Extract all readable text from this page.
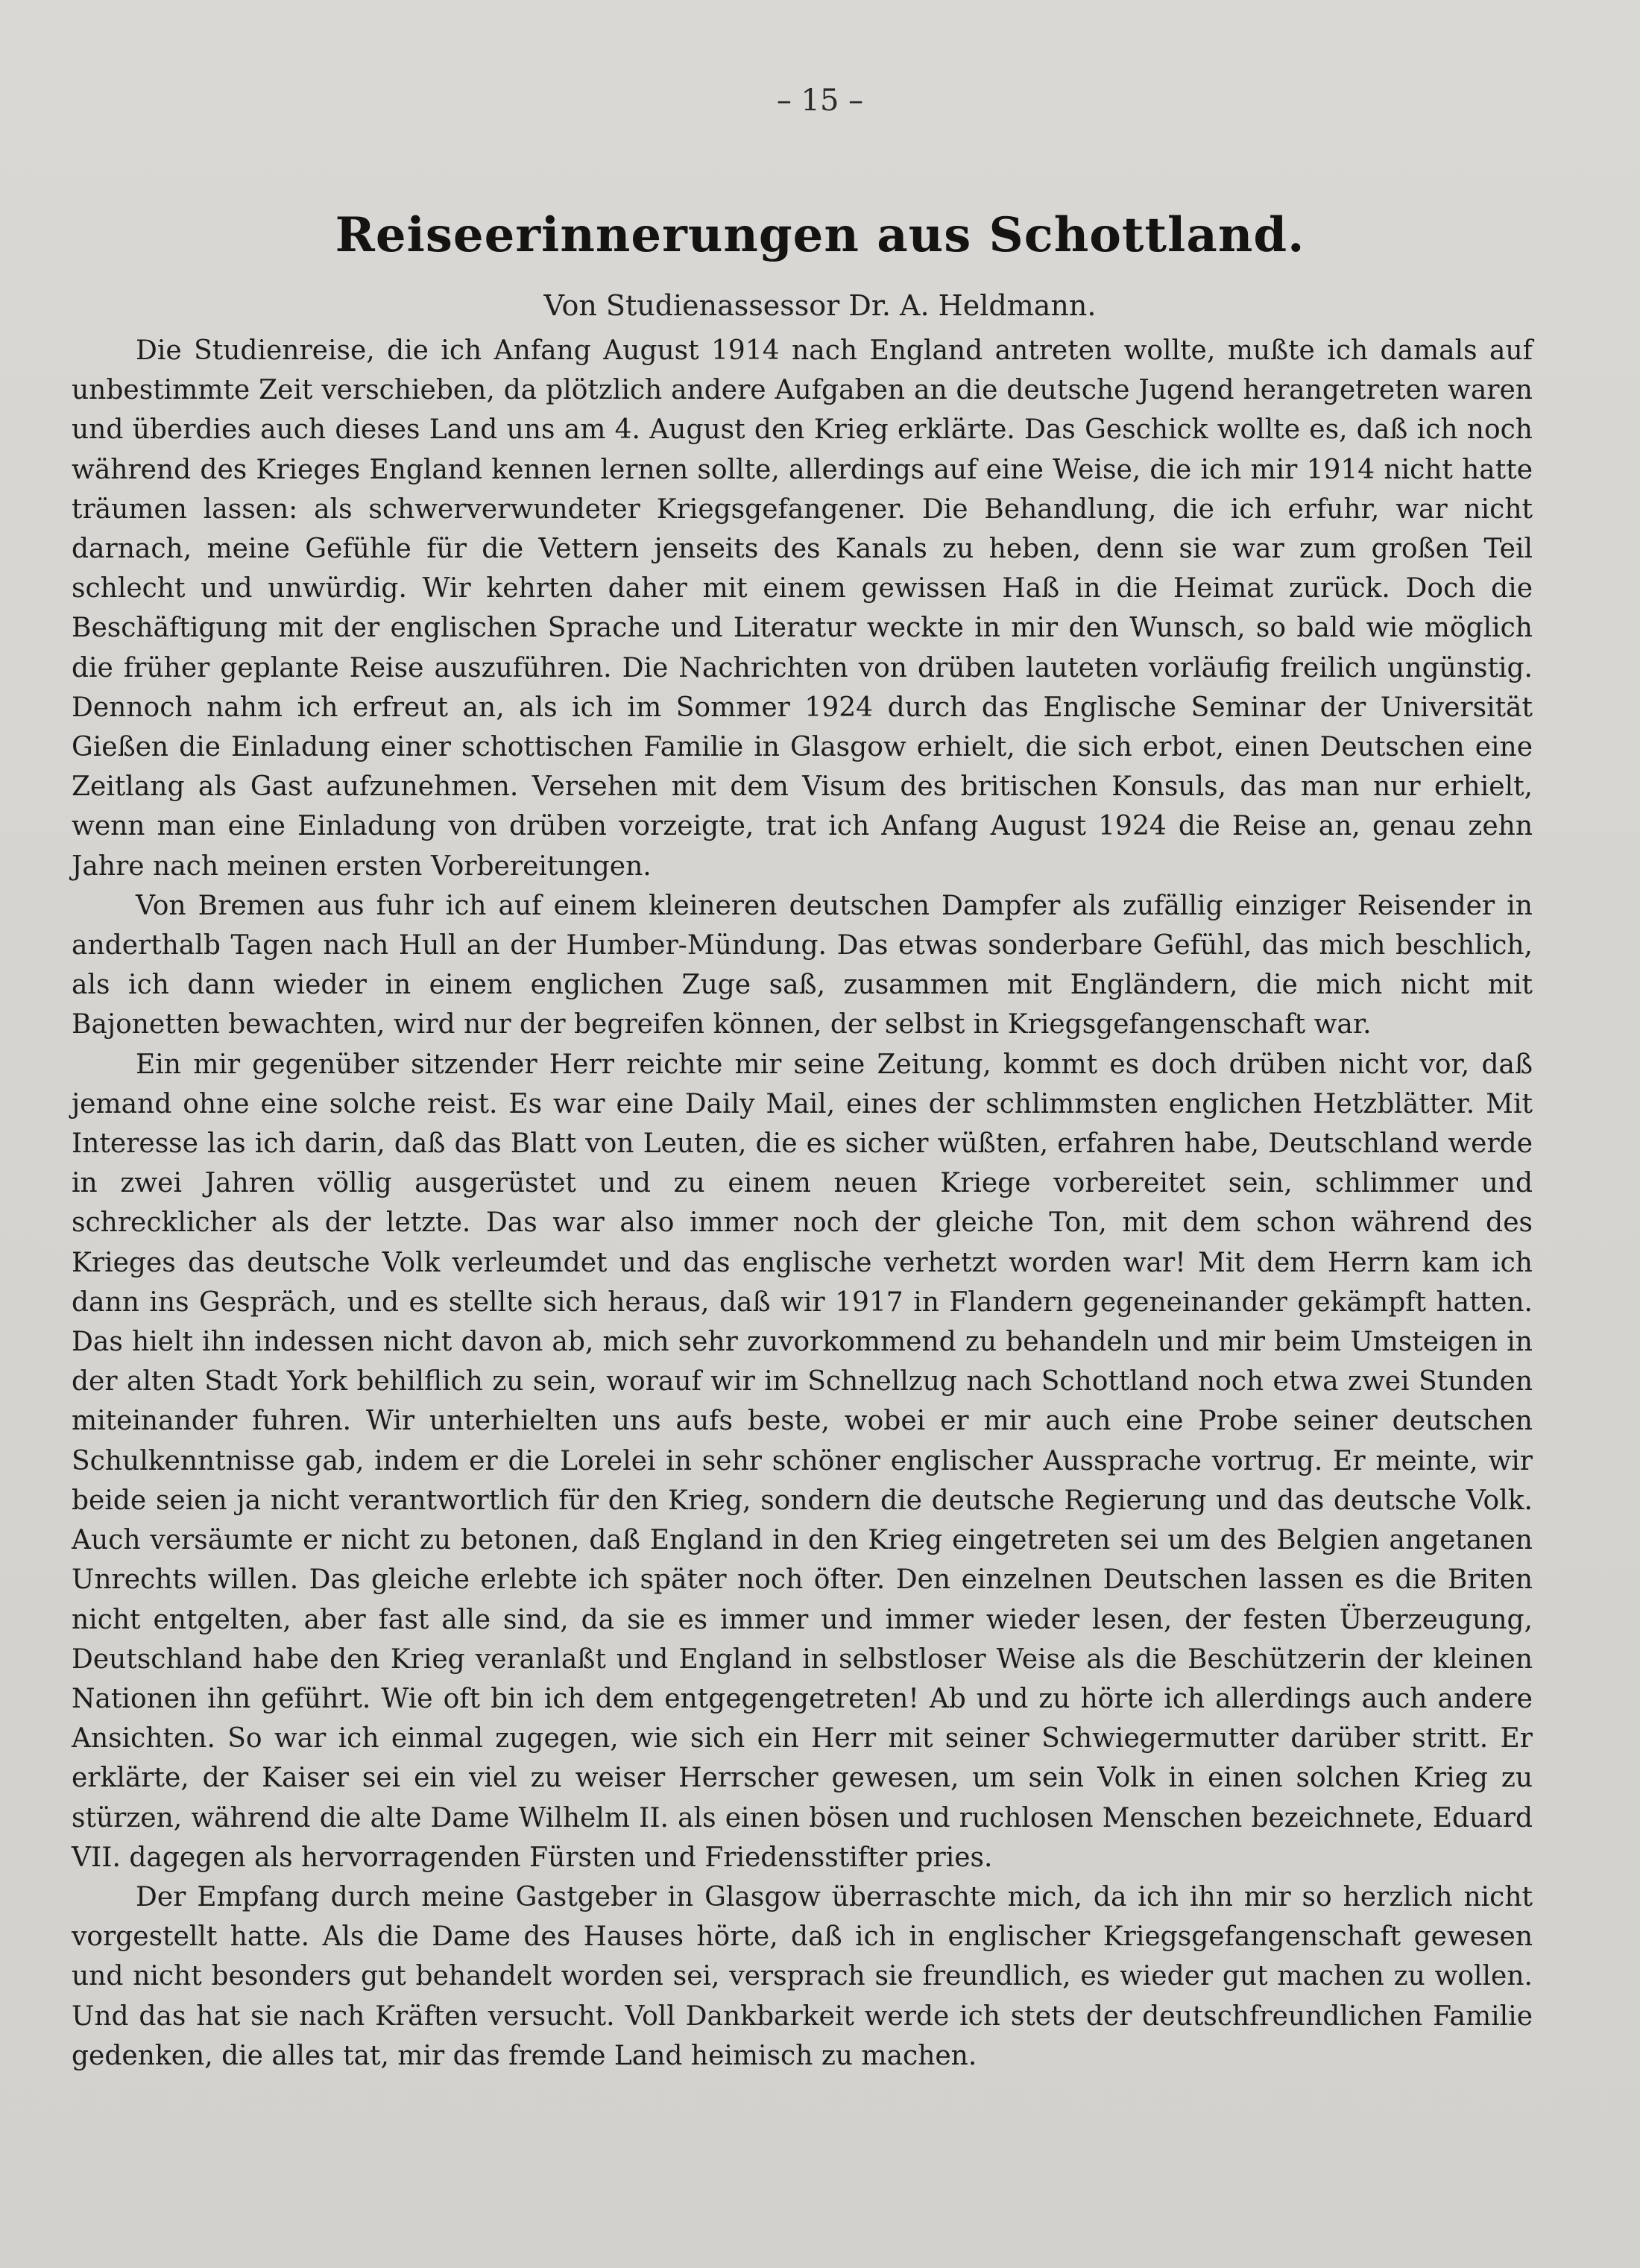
– 15 –
Reiseerinnerungen aus Schottland.
Von Studienassessor Dr. A. Heldmann.

Die Studienreise, die ich Anfang August 1914 nach England antreten wollte, mußte ich damals auf unbestimmte Zeit verschieben, da plötzlich andere Aufgaben an die deutsche Jugend herangetreten waren und überdies auch dieses Land uns am 4. August den Krieg erklärte. Das Geschick wollte es, daß ich noch während des Krieges England kennen lernen sollte, allerdings auf eine Weise, die ich mir 1914 nicht hatte träumen lassen: als schwerverwundeter Kriegsgefangener. Die Behandlung, die ich erfuhr, war nicht darnach, meine Gefühle für die Vettern jenseits des Kanals zu heben, denn sie war zum großen Teil schlecht und unwürdig. Wir kehrten daher mit einem gewissen Haß in die Heimat zurück. Doch die Beschäftigung mit der englischen Sprache und Literatur weckte in mir den Wunsch, so bald wie möglich die früher geplante Reise auszuführen. Die Nachrichten von drüben lauteten vorläufig freilich ungünstig. Dennoch nahm ich erfreut an, als ich im Sommer 1924 durch das Englische Seminar der Universität Gießen die Einladung einer schottischen Familie in Glasgow erhielt, die sich erbot, einen Deutschen eine Zeitlang als Gast aufzunehmen. Versehen mit dem Visum des britischen Konsuls, das man nur erhielt, wenn man eine Einladung von drüben vorzeigte, trat ich Anfang August 1924 die Reise an, genau zehn Jahre nach meinen ersten Vorbereitungen.

Von Bremen aus fuhr ich auf einem kleineren deutschen Dampfer als zufällig einziger Reisender in anderthalb Tagen nach Hull an der Humber-Mündung. Das etwas sonderbare Gefühl, das mich beschlich, als ich dann wieder in einem englichen Zuge saß, zusammen mit Engländern, die mich nicht mit Bajonetten bewachten, wird nur der begreifen können, der selbst in Kriegsgefangenschaft war.

Ein mir gegenüber sitzender Herr reichte mir seine Zeitung, kommt es doch drüben nicht vor, daß jemand ohne eine solche reist. Es war eine Daily Mail, eines der schlimmsten englichen Hetzblätter. Mit Interesse las ich darin, daß das Blatt von Leuten, die es sicher wüßten, erfahren habe, Deutschland werde in zwei Jahren völlig ausgerüstet und zu einem neuen Kriege vorbereitet sein, schlimmer und schrecklicher als der letzte. Das war also immer noch der gleiche Ton, mit dem schon während des Krieges das deutsche Volk verleumdet und das englische verhetzt worden war! Mit dem Herrn kam ich dann ins Gespräch, und es stellte sich heraus, daß wir 1917 in Flandern gegeneinander gekämpft hatten. Das hielt ihn indessen nicht davon ab, mich sehr zuvorkommend zu behandeln und mir beim Umsteigen in der alten Stadt York behilflich zu sein, worauf wir im Schnellzug nach Schottland noch etwa zwei Stunden miteinander fuhren. Wir unterhielten uns aufs beste, wobei er mir auch eine Probe seiner deutschen Schulkenntnisse gab, indem er die Lorelei in sehr schöner englischer Aussprache vortrug. Er meinte, wir beide seien ja nicht verantwortlich für den Krieg, sondern die deutsche Regierung und das deutsche Volk. Auch versäumte er nicht zu betonen, daß England in den Krieg eingetreten sei um des Belgien angetanen Unrechts willen. Das gleiche erlebte ich später noch öfter. Den einzelnen Deutschen lassen es die Briten nicht entgelten, aber fast alle sind, da sie es immer und immer wieder lesen, der festen Überzeugung, Deutschland habe den Krieg veranlaßt und England in selbstloser Weise als die Beschützerin der kleinen Nationen ihn geführt. Wie oft bin ich dem entgegengetreten! Ab und zu hörte ich allerdings auch andere Ansichten. So war ich einmal zugegen, wie sich ein Herr mit seiner Schwiegermutter darüber stritt. Er erklärte, der Kaiser sei ein viel zu weiser Herrscher gewesen, um sein Volk in einen solchen Krieg zu stürzen, während die alte Dame Wilhelm II. als einen bösen und ruchlosen Menschen bezeichnete, Eduard VII. dagegen als hervorragenden Fürsten und Friedensstifter pries.

Der Empfang durch meine Gastgeber in Glasgow überraschte mich, da ich ihn mir so herzlich nicht vorgestellt hatte. Als die Dame des Hauses hörte, daß ich in englischer Kriegsgefangenschaft gewesen und nicht besonders gut behandelt worden sei, versprach sie freundlich, es wieder gut machen zu wollen. Und das hat sie nach Kräften versucht. Voll Dankbarkeit werde ich stets der deutschfreundlichen Familie gedenken, die alles tat, mir das fremde Land heimisch zu machen.
